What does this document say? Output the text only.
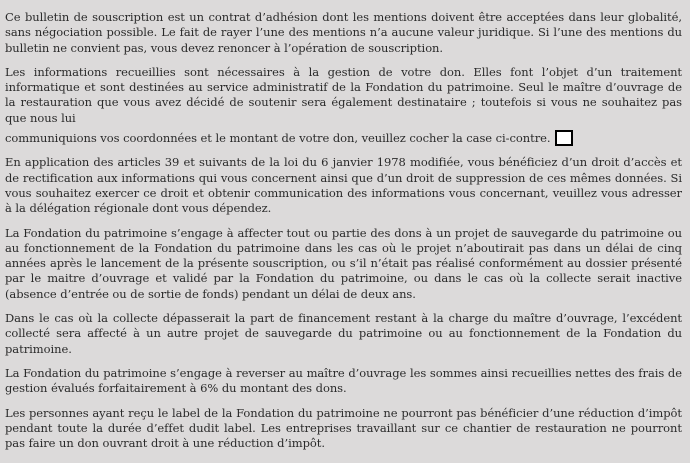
Ce bulletin de souscription est un contrat d’adhésion dont les mentions doivent être acceptées dans leur globalité, sans négociation possible. Le fait de rayer l’une des mentions n’a aucune valeur juridique. Si l’une des mentions du bulletin ne convient pas, vous devez renoncer à l’opération de souscription.

Les informations recueillies sont nécessaires à la gestion de votre don. Elles font l’objet d’un traitement informatique et sont destinées au service administratif de la Fondation du patrimoine. Seul le maître d’ouvrage de la restauration que vous avez décidé de soutenir sera également destinataire ; toutefois si vous ne souhaitez pas que nous lui
communiquions vos coordonnées et le montant de votre don, veuillez cocher la case ci-contre.

En application des articles 39 et suivants de la loi du 6 janvier 1978 modifiée, vous bénéficiez d’un droit d’accès et de rectification aux informations qui vous concernent ainsi que d’un droit de suppression de ces mêmes données. Si vous souhaitez exercer ce droit et obtenir communication des informations vous concernant, veuillez vous adresser à la délégation régionale dont vous dépendez.

La Fondation du patrimoine s’engage à affecter tout ou partie des dons à un projet de sauvegarde du patrimoine ou au fonctionnement de la Fondation du patrimoine dans les cas où le projet n’aboutirait pas dans un délai de cinq années après le lancement de la présente souscription, ou s’il n’était pas réalisé conformément au dossier présenté par le maitre d’ouvrage et validé par la Fondation du patrimoine, ou dans le cas où la collecte serait inactive (absence d’entrée ou de sortie de fonds) pendant un délai de deux ans.

Dans le cas où la collecte dépasserait la part de financement restant à la charge du maître d’ouvrage, l’excédent collecté sera affecté à un autre projet de sauvegarde du patrimoine ou au fonctionnement de la Fondation du patrimoine.

La Fondation du patrimoine s’engage à reverser au maître d’ouvrage les sommes ainsi recueillies nettes des frais de gestion évalués forfaitairement à 6% du montant des dons.

Les personnes ayant reçu le label de la Fondation du patrimoine ne pourront pas bénéficier d’une réduction d’impôt pendant toute la durée d’effet dudit label. Les entreprises travaillant sur ce chantier de restauration ne pourront pas faire un don ouvrant droit à une réduction d’impôt.
